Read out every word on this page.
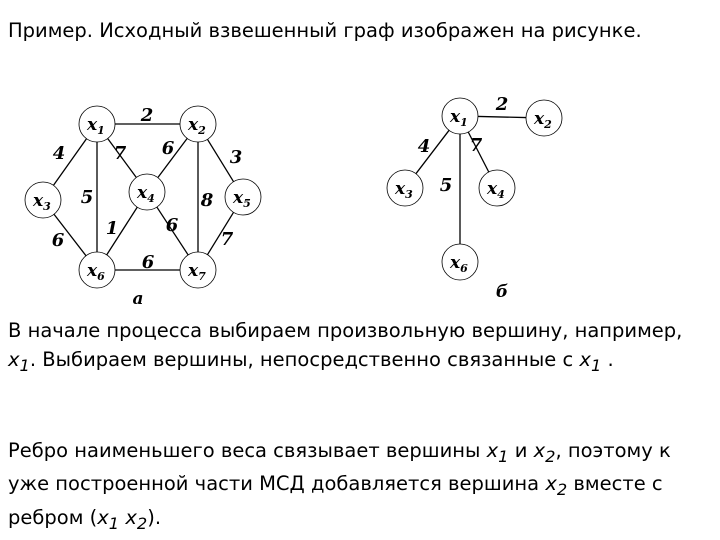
Пример. Исходный взвешенный граф изображен на рисунке.

2
4	7
5
6	3
8
6
1	6
7
6
$x_1$	$x_2$
$x_3$
$x_4$	$x_5$
$x_6$	$x_7$
а
2
4 7
5
$x_1$	$x_2$
$x_3$	$x_4$
$x_6$
б

В начале процесса выбираем произвольную вершину, например, $x_1$. Выбираем вершины, непосредственно связанные с $x_1$ .

Ребро наименьшего веса связывает вершины $x_1$ и $x_2$, поэтому к уже построенной части МСД добавляется вершина $x_2$ вместе с ребром ($x_1$ $x_2$).
